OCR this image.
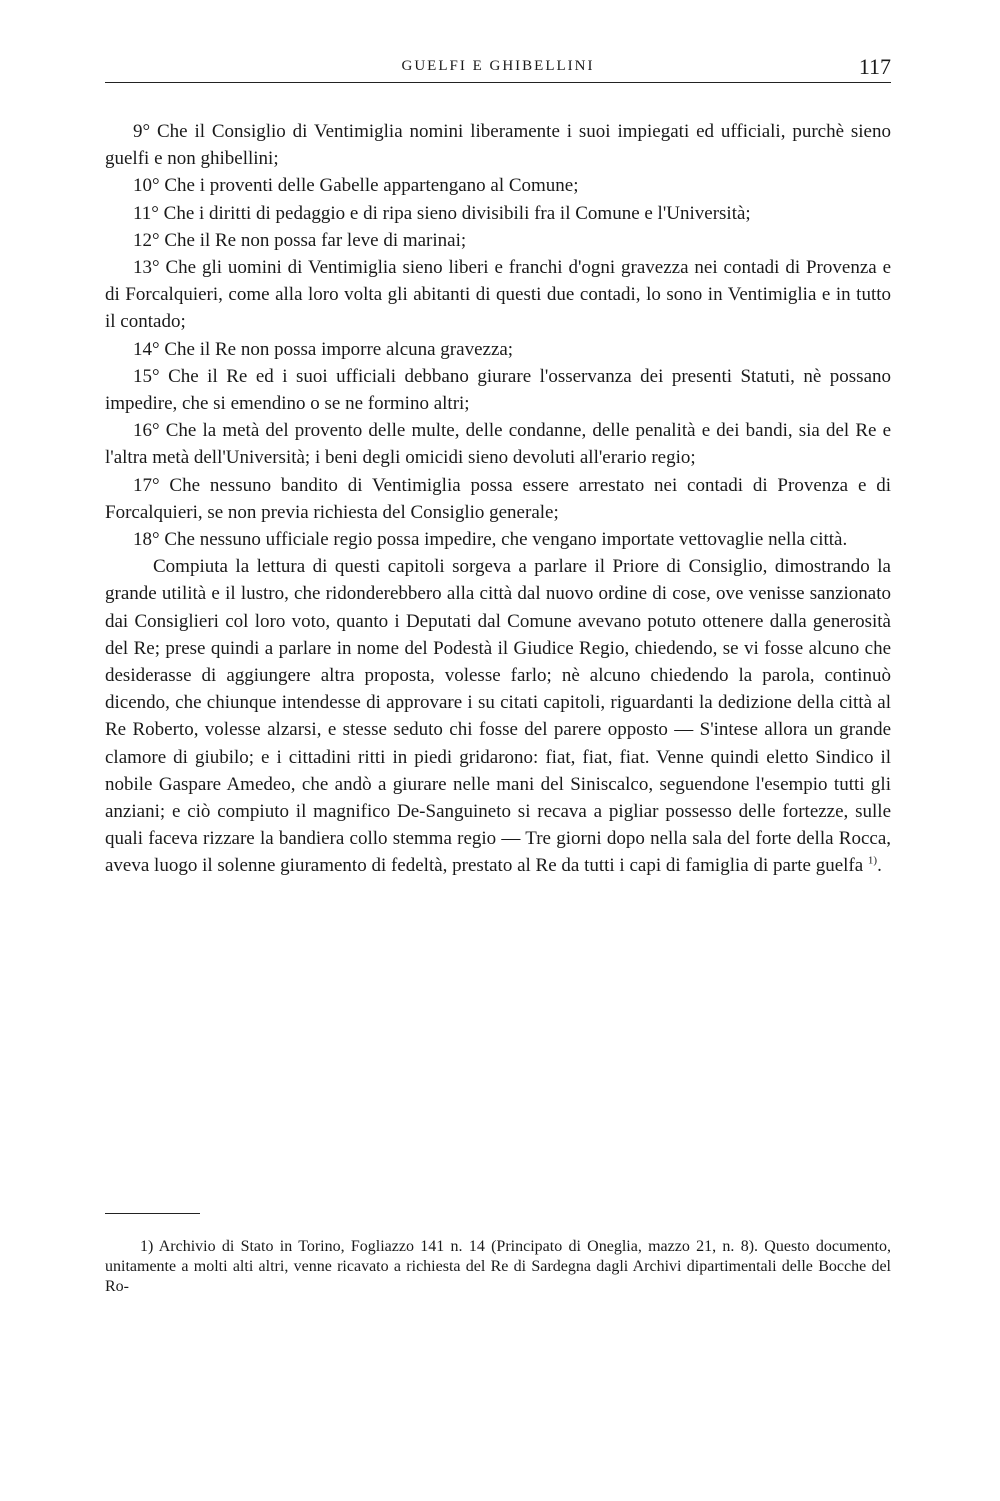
GUELFI E GHIBELLINI	117

9° Che il Consiglio di Ventimiglia nomini liberamente i suoi impiegati ed ufficiali, purchè sieno guelfi e non ghibellini;

10° Che i proventi delle Gabelle appartengano al Comune;

11° Che i diritti di pedaggio e di ripa sieno divisibili fra il Comune e l'Università;

12° Che il Re non possa far leve di marinai;

13° Che gli uomini di Ventimiglia sieno liberi e franchi d'ogni gravezza nei contadi di Provenza e di Forcalquieri, come alla loro volta gli abitanti di questi due contadi, lo sono in Ventimiglia e in tutto il contado;

14° Che il Re non possa imporre alcuna gravezza;

15° Che il Re ed i suoi ufficiali debbano giurare l'osservanza dei presenti Statuti, nè possano impedire, che si emendino o se ne formino altri;

16° Che la metà del provento delle multe, delle condanne, delle penalità e dei bandi, sia del Re e l'altra metà dell'Università; i beni degli omicidi sieno devoluti all'erario regio;

17° Che nessuno bandito di Ventimiglia possa essere arrestato nei contadi di Provenza e di Forcalquieri, se non previa richiesta del Consiglio generale;

18° Che nessuno ufficiale regio possa impedire, che vengano importate vettovaglie nella città.

Compiuta la lettura di questi capitoli sorgeva a parlare il Priore di Consiglio, dimostrando la grande utilità e il lustro, che ridonderebbero alla città dal nuovo ordine di cose, ove venisse sanzionato dai Consiglieri col loro voto, quanto i Deputati dal Comune avevano potuto ottenere dalla generosità del Re; prese quindi a parlare in nome del Podestà il Giudice Regio, chiedendo, se vi fosse alcuno che desiderasse di aggiungere altra proposta, volesse farlo; nè alcuno chiedendo la parola, continuò dicendo, che chiunque intendesse di approvare i su citati capitoli, riguardanti la dedizione della città al Re Roberto, volesse alzarsi, e stesse seduto chi fosse del parere opposto — S'intese allora un grande clamore di giubilo; e i cittadini ritti in piedi gridarono: fiat, fiat, fiat. Venne quindi eletto Sindico il nobile Gaspare Amedeo, che andò a giurare nelle mani del Siniscalco, seguendone l'esempio tutti gli anziani; e ciò compiuto il magnifico De-Sanguineto si recava a pigliar possesso delle fortezze, sulle quali faceva rizzare la bandiera collo stemma regio — Tre giorni dopo nella sala del forte della Rocca, aveva luogo il solenne giuramento di fedeltà, prestato al Re da tutti i capi di famiglia di parte guelfa $^{1)}$.

1) Archivio di Stato in Torino, Fogliazzo 141 n. 14 (Principato di Oneglia, mazzo 21, n. 8). Questo documento, unitamente a molti alti altri, venne ricavato a richiesta del Re di Sardegna dagli Archivi dipartimentali delle Bocche del Ro-
